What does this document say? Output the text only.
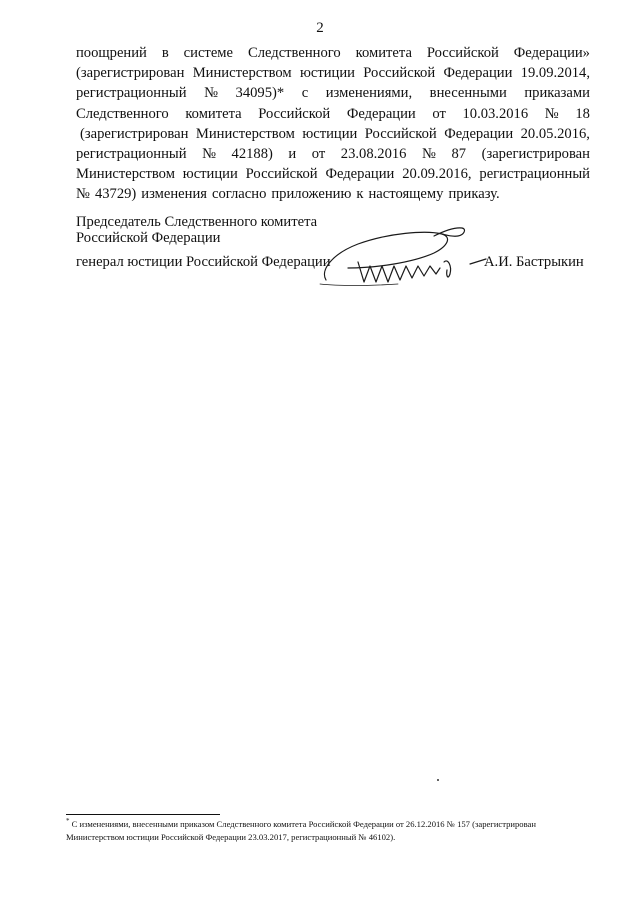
2
поощрений в системе Следственного комитета Российской Федерации»
(зарегистрирован Министерством юстиции Российской Федерации 19.09.2014,
регистрационный № 34095)* с изменениями, внесенными приказами
Следственного комитета Российской Федерации от 10.03.2016 № 18
(зарегистрирован Министерством юстиции Российской Федерации 20.05.2016,
регистрационный № 42188) и от 23.08.2016 № 87 (зарегистрирован
Министерством юстиции Российской Федерации 20.09.2016, регистрационный
№ 43729) изменения согласно приложению к настоящему приказу.
Председатель Следственного комитета
Российской Федерации
генерал юстиции Российской Федерации	А.И. Бастрыкин
* С изменениями, внесенными приказом Следственного комитета Российской Федерации от 26.12.2016 № 157 (зарегистрирован
Министерством юстиции Российской Федерации 23.03.2017, регистрационный № 46102).
